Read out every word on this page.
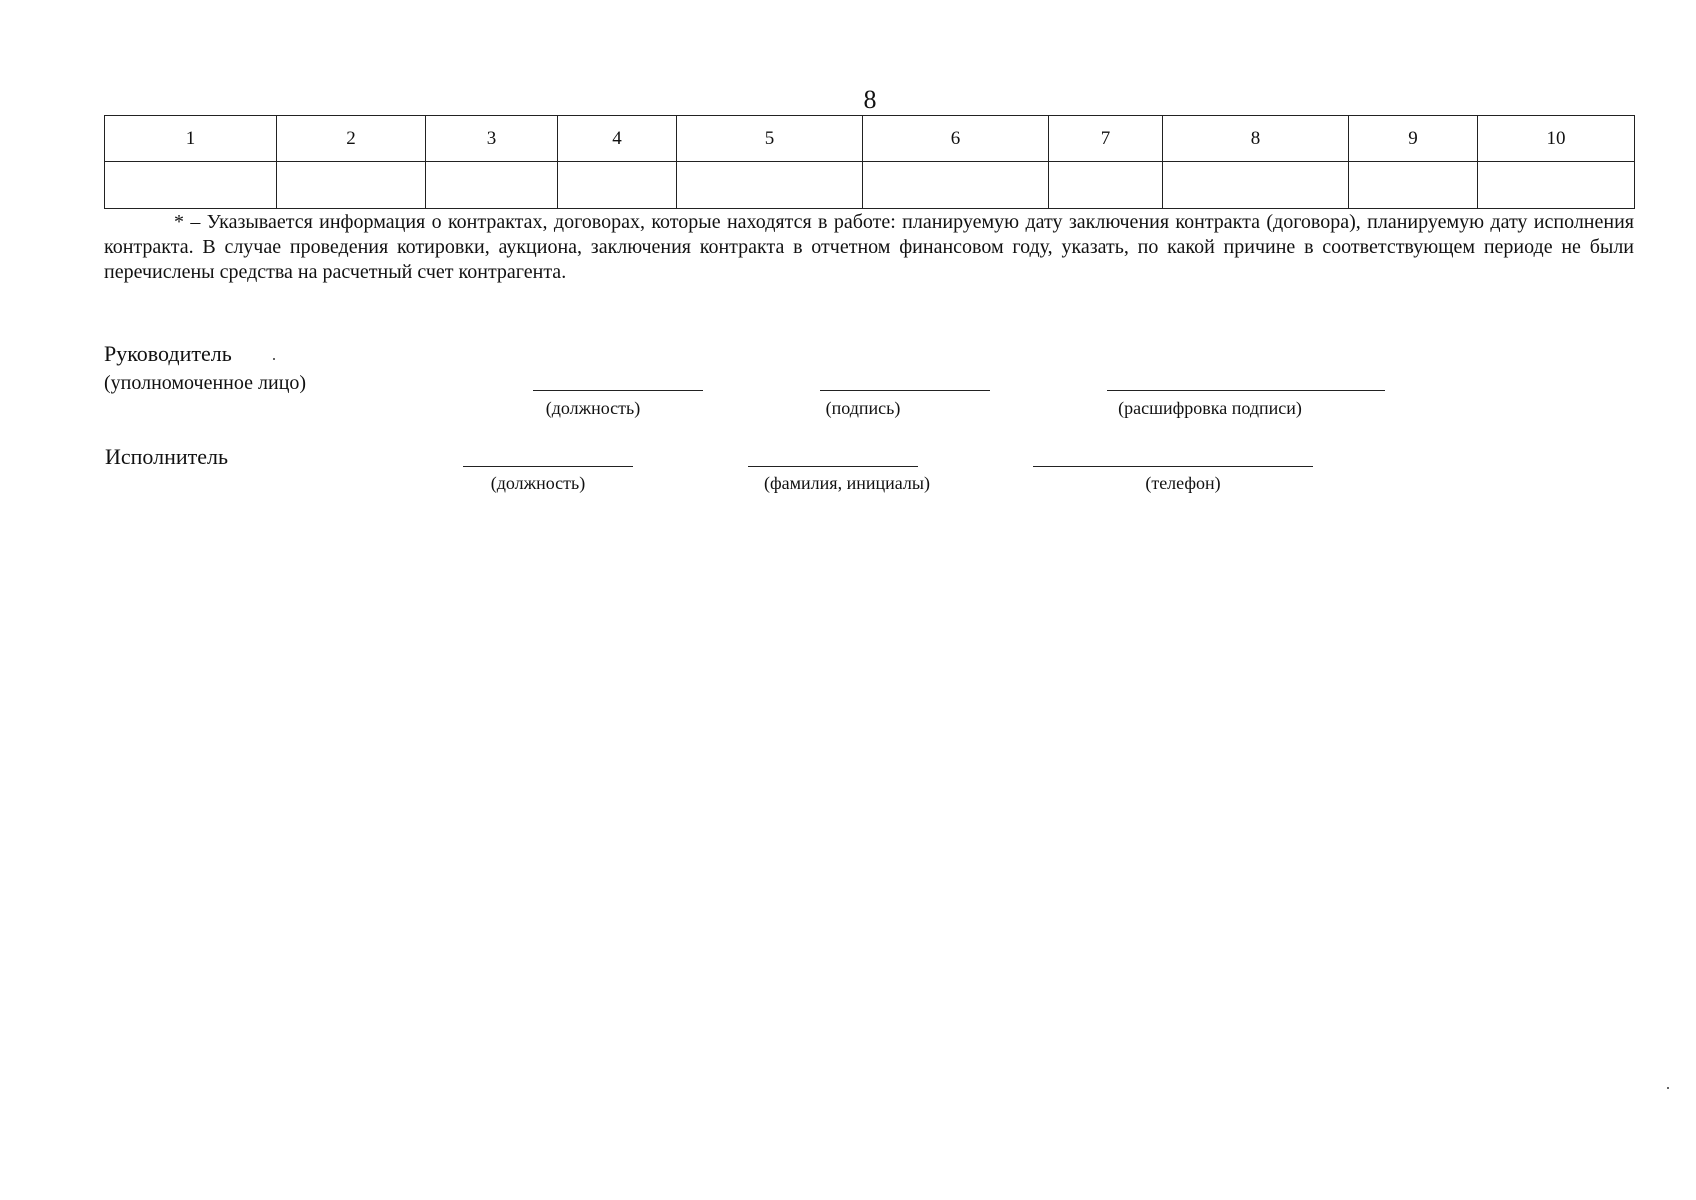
8
1	2	3	4	5	6	7	8	9	10

* – Указывается информация о контрактах, договорах, которые находятся в работе: планируемую дату заключения контракта (договора), планируемую дату исполнения контракта. В случае проведения котировки, аукциона, заключения контракта в отчетном финансовом году, указать, по какой причине в соответствующем периоде не были перечислены средства на расчетный счет контрагента.

Руководитель
(уполномоченное лицо)
(должность)	(подпись)	(расшифровка подписи)
Исполнитель
(должность)	(фамилия, инициалы)	(телефон)
